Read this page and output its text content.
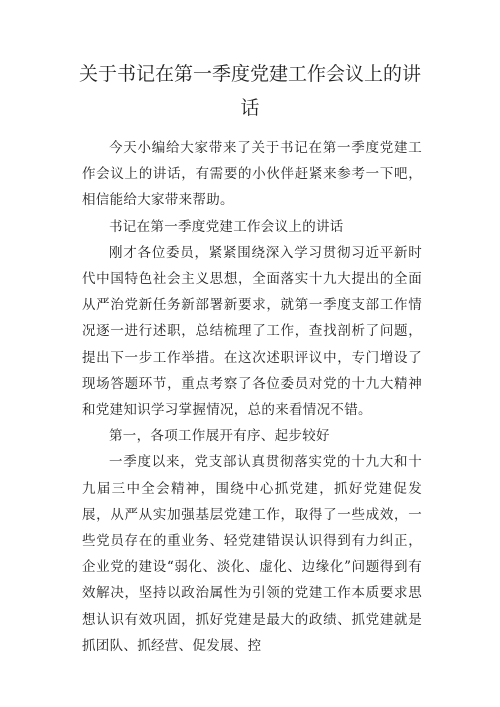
关于书记在第一季度党建工作会议上的讲
话

今天小编给大家带来了关于书记在第一季度党建工作会议上的讲话，有需要的小伙伴赶紧来参考一下吧，相信能给大家带来帮助。

书记在第一季度党建工作会议上的讲话

刚才各位委员，紧紧围绕深入学习贯彻习近平新时代中国特色社会主义思想，全面落实十九大提出的全面从严治党新任务新部署新要求，就第一季度支部工作情况逐一进行述职，总结梳理了工作，查找剖析了问题，提出下一步工作举措。在这次述职评议中，专门增设了现场答题环节，重点考察了各位委员对党的十九大精神和党建知识学习掌握情况，总的来看情况不错。

第一，各项工作展开有序、起步较好

一季度以来，党支部认真贯彻落实党的十九大和十九届三中全会精神，围绕中心抓党建，抓好党建促发展，从严从实加强基层党建工作，取得了一些成效，一些党员存在的重业务、轻党建错误认识得到有力纠正，企业党的建设“弱化、淡化、虚化、边缘化”问题得到有效解决，坚持以政治属性为引领的党建工作本质要求思想认识有效巩固，抓好党建是最大的政绩、抓党建就是抓团队、抓经营、促发展、控
